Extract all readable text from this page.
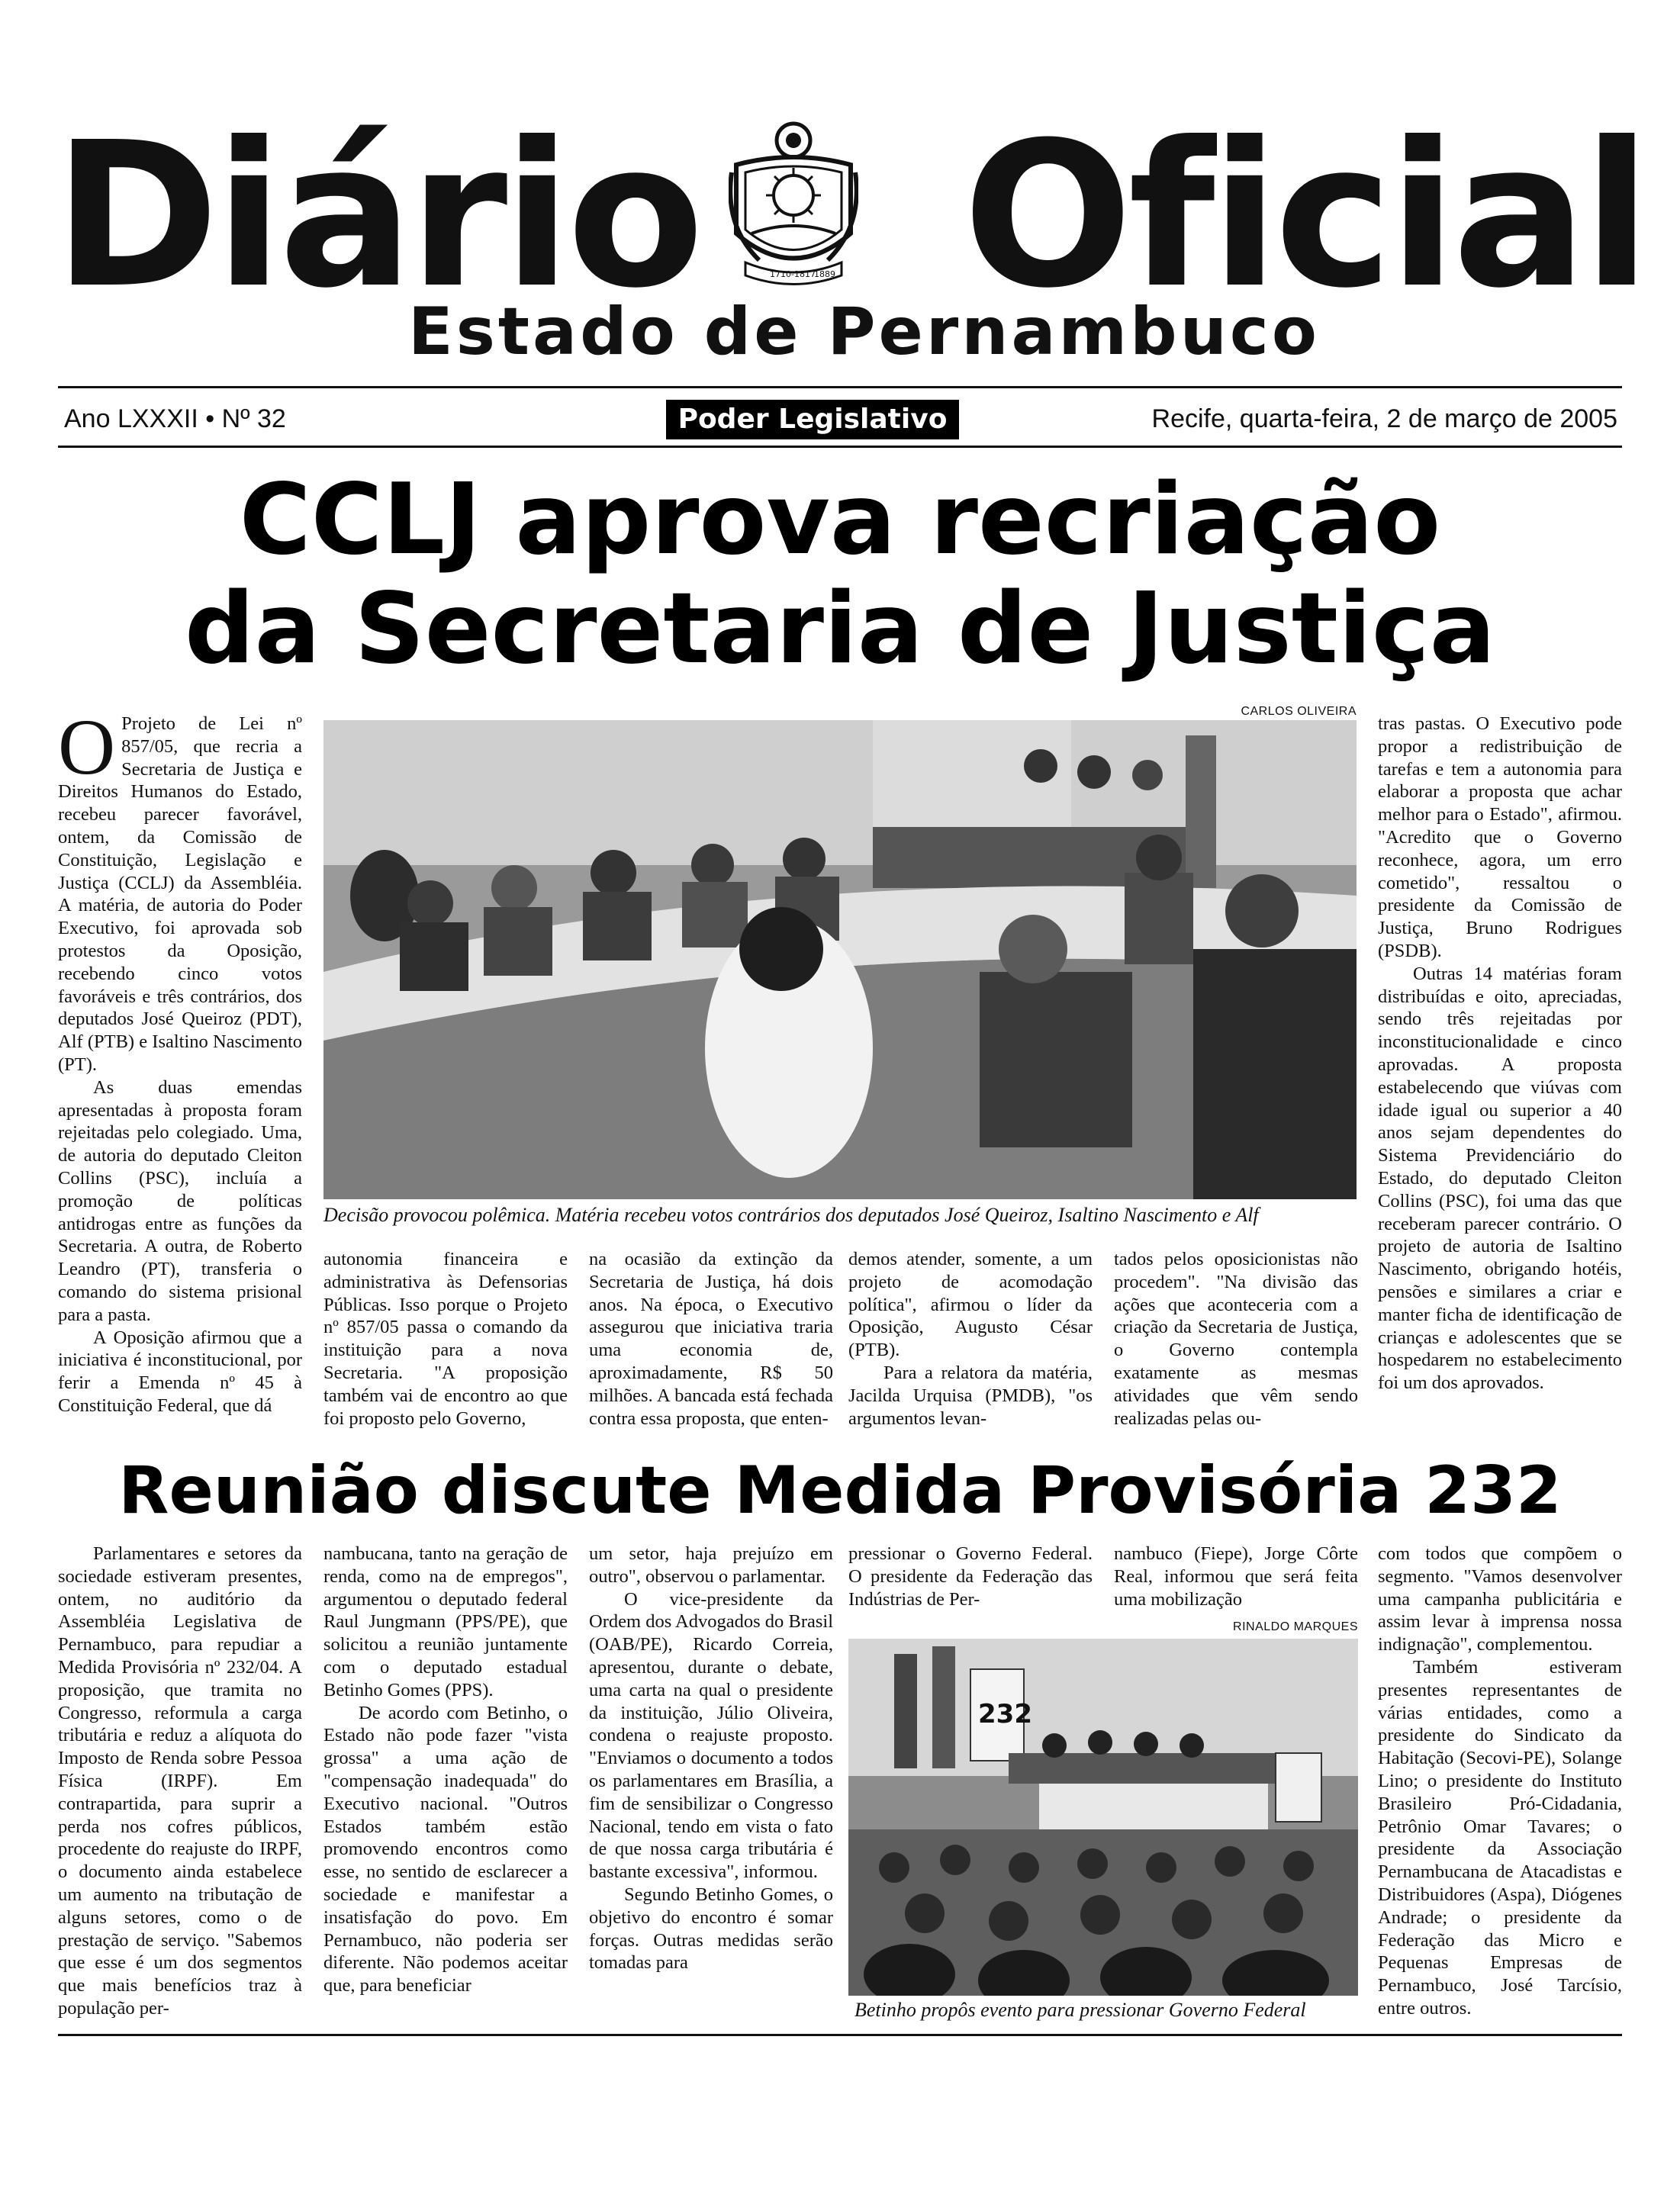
Diário	1710-1817
1889 Oficial
Estado de Pernambuco
Ano LXXXII • Nº 32	Poder Legislativo	Recife, quarta-feira, 2 de março de 2005
CCLJ aprova recriação
da Secretaria de Justiça

O Projeto de Lei nº 857/05, que recria a Secretaria de Justiça e Direitos Humanos do Estado, recebeu parecer favorável, ontem, da Comissão de Constituição, Legislação e Justiça (CCLJ) da Assembléia. A matéria, de autoria do Poder Executivo, foi aprovada sob protestos da Oposição, recebendo cinco votos favoráveis e três contrários, dos deputados José Queiroz (PDT), Alf (PTB) e Isaltino Nascimento (PT).

As duas emendas apresentadas à proposta foram rejeitadas pelo colegiado. Uma, de autoria do deputado Cleiton Collins (PSC), incluía a promoção de políticas antidrogas entre as funções da Secretaria. A outra, de Roberto Leandro (PT), transferia o comando do sistema prisional para a pasta.

A Oposição afirmou que a iniciativa é inconstitucional, por ferir a Emenda nº 45 à Constituição Federal, que dá

CARLOS OLIVEIRA
Decisão provocou polêmica. Matéria recebeu votos contrários dos deputados José Queiroz, Isaltino Nascimento e Alf
autonomia financeira e administrativa às Defensorias Públicas. Isso porque o Projeto nº 857/05 passa o comando da instituição para a nova Secretaria. "A proposição também vai de encontro ao que foi proposto pelo Governo,
na ocasião da extinção da Secretaria de Justiça, há dois anos. Na época, o Executivo assegurou que iniciativa traria uma economia de, aproximadamente, R$ 50 milhões. A bancada está fechada contra essa proposta, que enten-

demos atender, somente, a um projeto de acomodação política", afirmou o líder da Oposição, Augusto César (PTB).

Para a relatora da matéria, Jacilda Urquisa (PMDB), "os argumentos levan-

tados pelos oposicionistas não procedem". "Na divisão das ações que aconteceria com a criação da Secretaria de Justiça, o Governo contempla exatamente as mesmas atividades que vêm sendo realizadas pelas ou-

tras pastas. O Executivo pode propor a redistribuição de tarefas e tem a autonomia para elaborar a proposta que achar melhor para o Estado", afirmou. "Acredito que o Governo reconhece, agora, um erro cometido", ressaltou o presidente da Comissão de Justiça, Bruno Rodrigues (PSDB).

Outras 14 matérias foram distribuídas e oito, apreciadas, sendo três rejeitadas por inconstitucionalidade e cinco aprovadas. A proposta estabelecendo que viúvas com idade igual ou superior a 40 anos sejam dependentes do Sistema Previdenciário do Estado, do deputado Cleiton Collins (PSC), foi uma das que receberam parecer contrário. O projeto de autoria de Isaltino Nascimento, obrigando hotéis, pensões e similares a criar e manter ficha de identificação de crianças e adolescentes que se hospedarem no estabelecimento foi um dos aprovados.

Reunião discute Medida Provisória 232

Parlamentares e setores da sociedade estiveram presentes, ontem, no auditório da Assembléia Legislativa de Pernambuco, para repudiar a Medida Provisória nº 232/04. A proposição, que tramita no Congresso, reformula a carga tributária e reduz a alíquota do Imposto de Renda sobre Pessoa Física (IRPF). Em contrapartida, para suprir a perda nos cofres públicos, procedente do reajuste do IRPF, o documento ainda estabelece um aumento na tributação de alguns setores, como o de prestação de serviço. "Sabemos que esse é um dos segmentos que mais benefícios traz à população per-

nambucana, tanto na geração de renda, como na de empregos", argumentou o deputado federal Raul Jungmann (PPS/PE), que solicitou a reunião juntamente com o deputado estadual Betinho Gomes (PPS).

De acordo com Betinho, o Estado não pode fazer "vista grossa" a uma ação de "compensação inadequada" do Executivo nacional. "Outros Estados também estão promovendo encontros como esse, no sentido de esclarecer a sociedade e manifestar a insatisfação do povo. Em Pernambuco, não poderia ser diferente. Não podemos aceitar que, para beneficiar

um setor, haja prejuízo em outro", observou o parlamentar.

O vice-presidente da Ordem dos Advogados do Brasil (OAB/PE), Ricardo Correia, apresentou, durante o debate, uma carta na qual o presidente da instituição, Júlio Oliveira, condena o reajuste proposto. "Enviamos o documento a todos os parlamentares em Brasília, a fim de sensibilizar o Congresso Nacional, tendo em vista o fato de que nossa carga tributária é bastante excessiva", informou.

Segundo Betinho Gomes, o objetivo do encontro é somar forças. Outras medidas serão tomadas para

pressionar o Governo Federal. O presidente da Federação das Indústrias de Per-
nambuco (Fiepe), Jorge Côrte Real, informou que será feita uma mobilização
RINALDO MARQUES
232
Betinho propôs evento para pressionar Governo Federal

com todos que compõem o segmento. "Vamos desenvolver uma campanha publicitária e assim levar à imprensa nossa indignação", complementou.

Também estiveram presentes representantes de várias entidades, como a presidente do Sindicato da Habitação (Secovi-PE), Solange Lino; o presidente do Instituto Brasileiro Pró-Cidadania, Petrônio Omar Tavares; o presidente da Associação Pernambucana de Atacadistas e Distribuidores (Aspa), Diógenes Andrade; o presidente da Federação das Micro e Pequenas Empresas de Pernambuco, José Tarcísio, entre outros.
